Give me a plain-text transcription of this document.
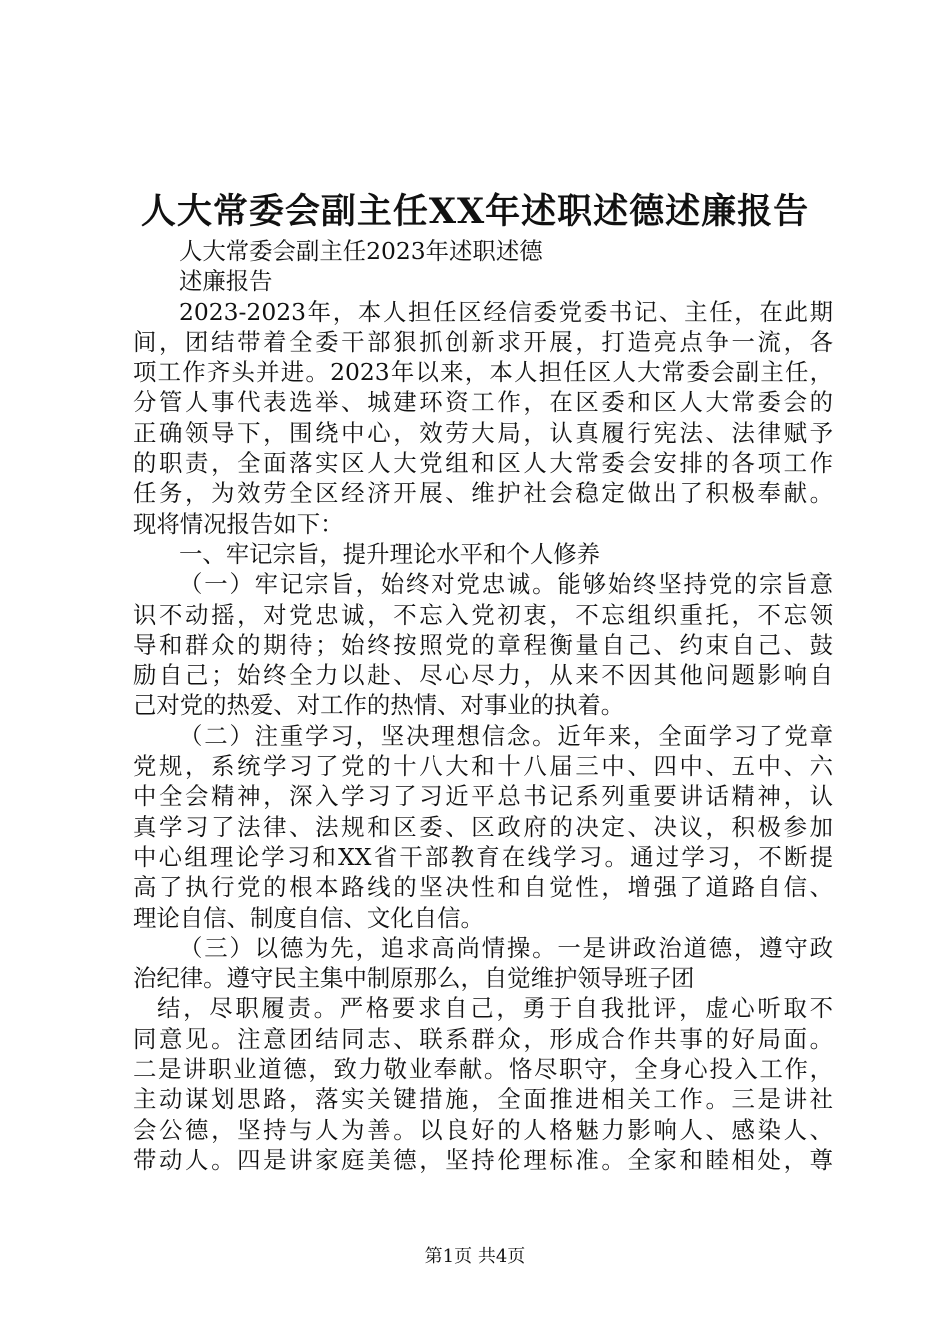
人大常委会副主任XX年述职述德述廉报告
人大常委会副主任2023年述职述德
述廉报告
2023-2023年，本人担任区经信委党委书记、主任，在此期
间，团结带着全委干部狠抓创新求开展，打造亮点争一流，各
项工作齐头并进。2023年以来，本人担任区人大常委会副主任，
分管人事代表选举、城建环资工作，在区委和区人大常委会的
正确领导下，围绕中心，效劳大局，认真履行宪法、法律赋予
的职责，全面落实区人大党组和区人大常委会安排的各项工作
任务，为效劳全区经济开展、维护社会稳定做出了积极奉献。
现将情况报告如下：
一、牢记宗旨，提升理论水平和个人修养
（一）牢记宗旨，始终对党忠诚。能够始终坚持党的宗旨意
识不动摇，对党忠诚，不忘入党初衷，不忘组织重托，不忘领
导和群众的期待；始终按照党的章程衡量自己、约束自己、鼓
励自己；始终全力以赴、尽心尽力，从来不因其他问题影响自
己对党的热爱、对工作的热情、对事业的执着。
（二）注重学习，坚决理想信念。近年来，全面学习了党章
党规，系统学习了党的十八大和十八届三中、四中、五中、六
中全会精神，深入学习了习近平总书记系列重要讲话精神，认
真学习了法律、法规和区委、区政府的决定、决议，积极参加
中心组理论学习和XX省干部教育在线学习。通过学习，不断提
高了执行党的根本路线的坚决性和自觉性，增强了道路自信、
理论自信、制度自信、文化自信。
（三）以德为先，追求高尚情操。一是讲政治道德，遵守政
治纪律。遵守民主集中制原那么，自觉维护领导班子团
结，尽职履责。严格要求自己，勇于自我批评，虚心听取不
同意见。注意团结同志、联系群众，形成合作共事的好局面。
二是讲职业道德，致力敬业奉献。恪尽职守，全身心投入工作，
主动谋划思路，落实关键措施，全面推进相关工作。三是讲社
会公德，坚持与人为善。以良好的人格魅力影响人、感染人、
带动人。四是讲家庭美德，坚持伦理标准。全家和睦相处，尊
第1页 共4页
